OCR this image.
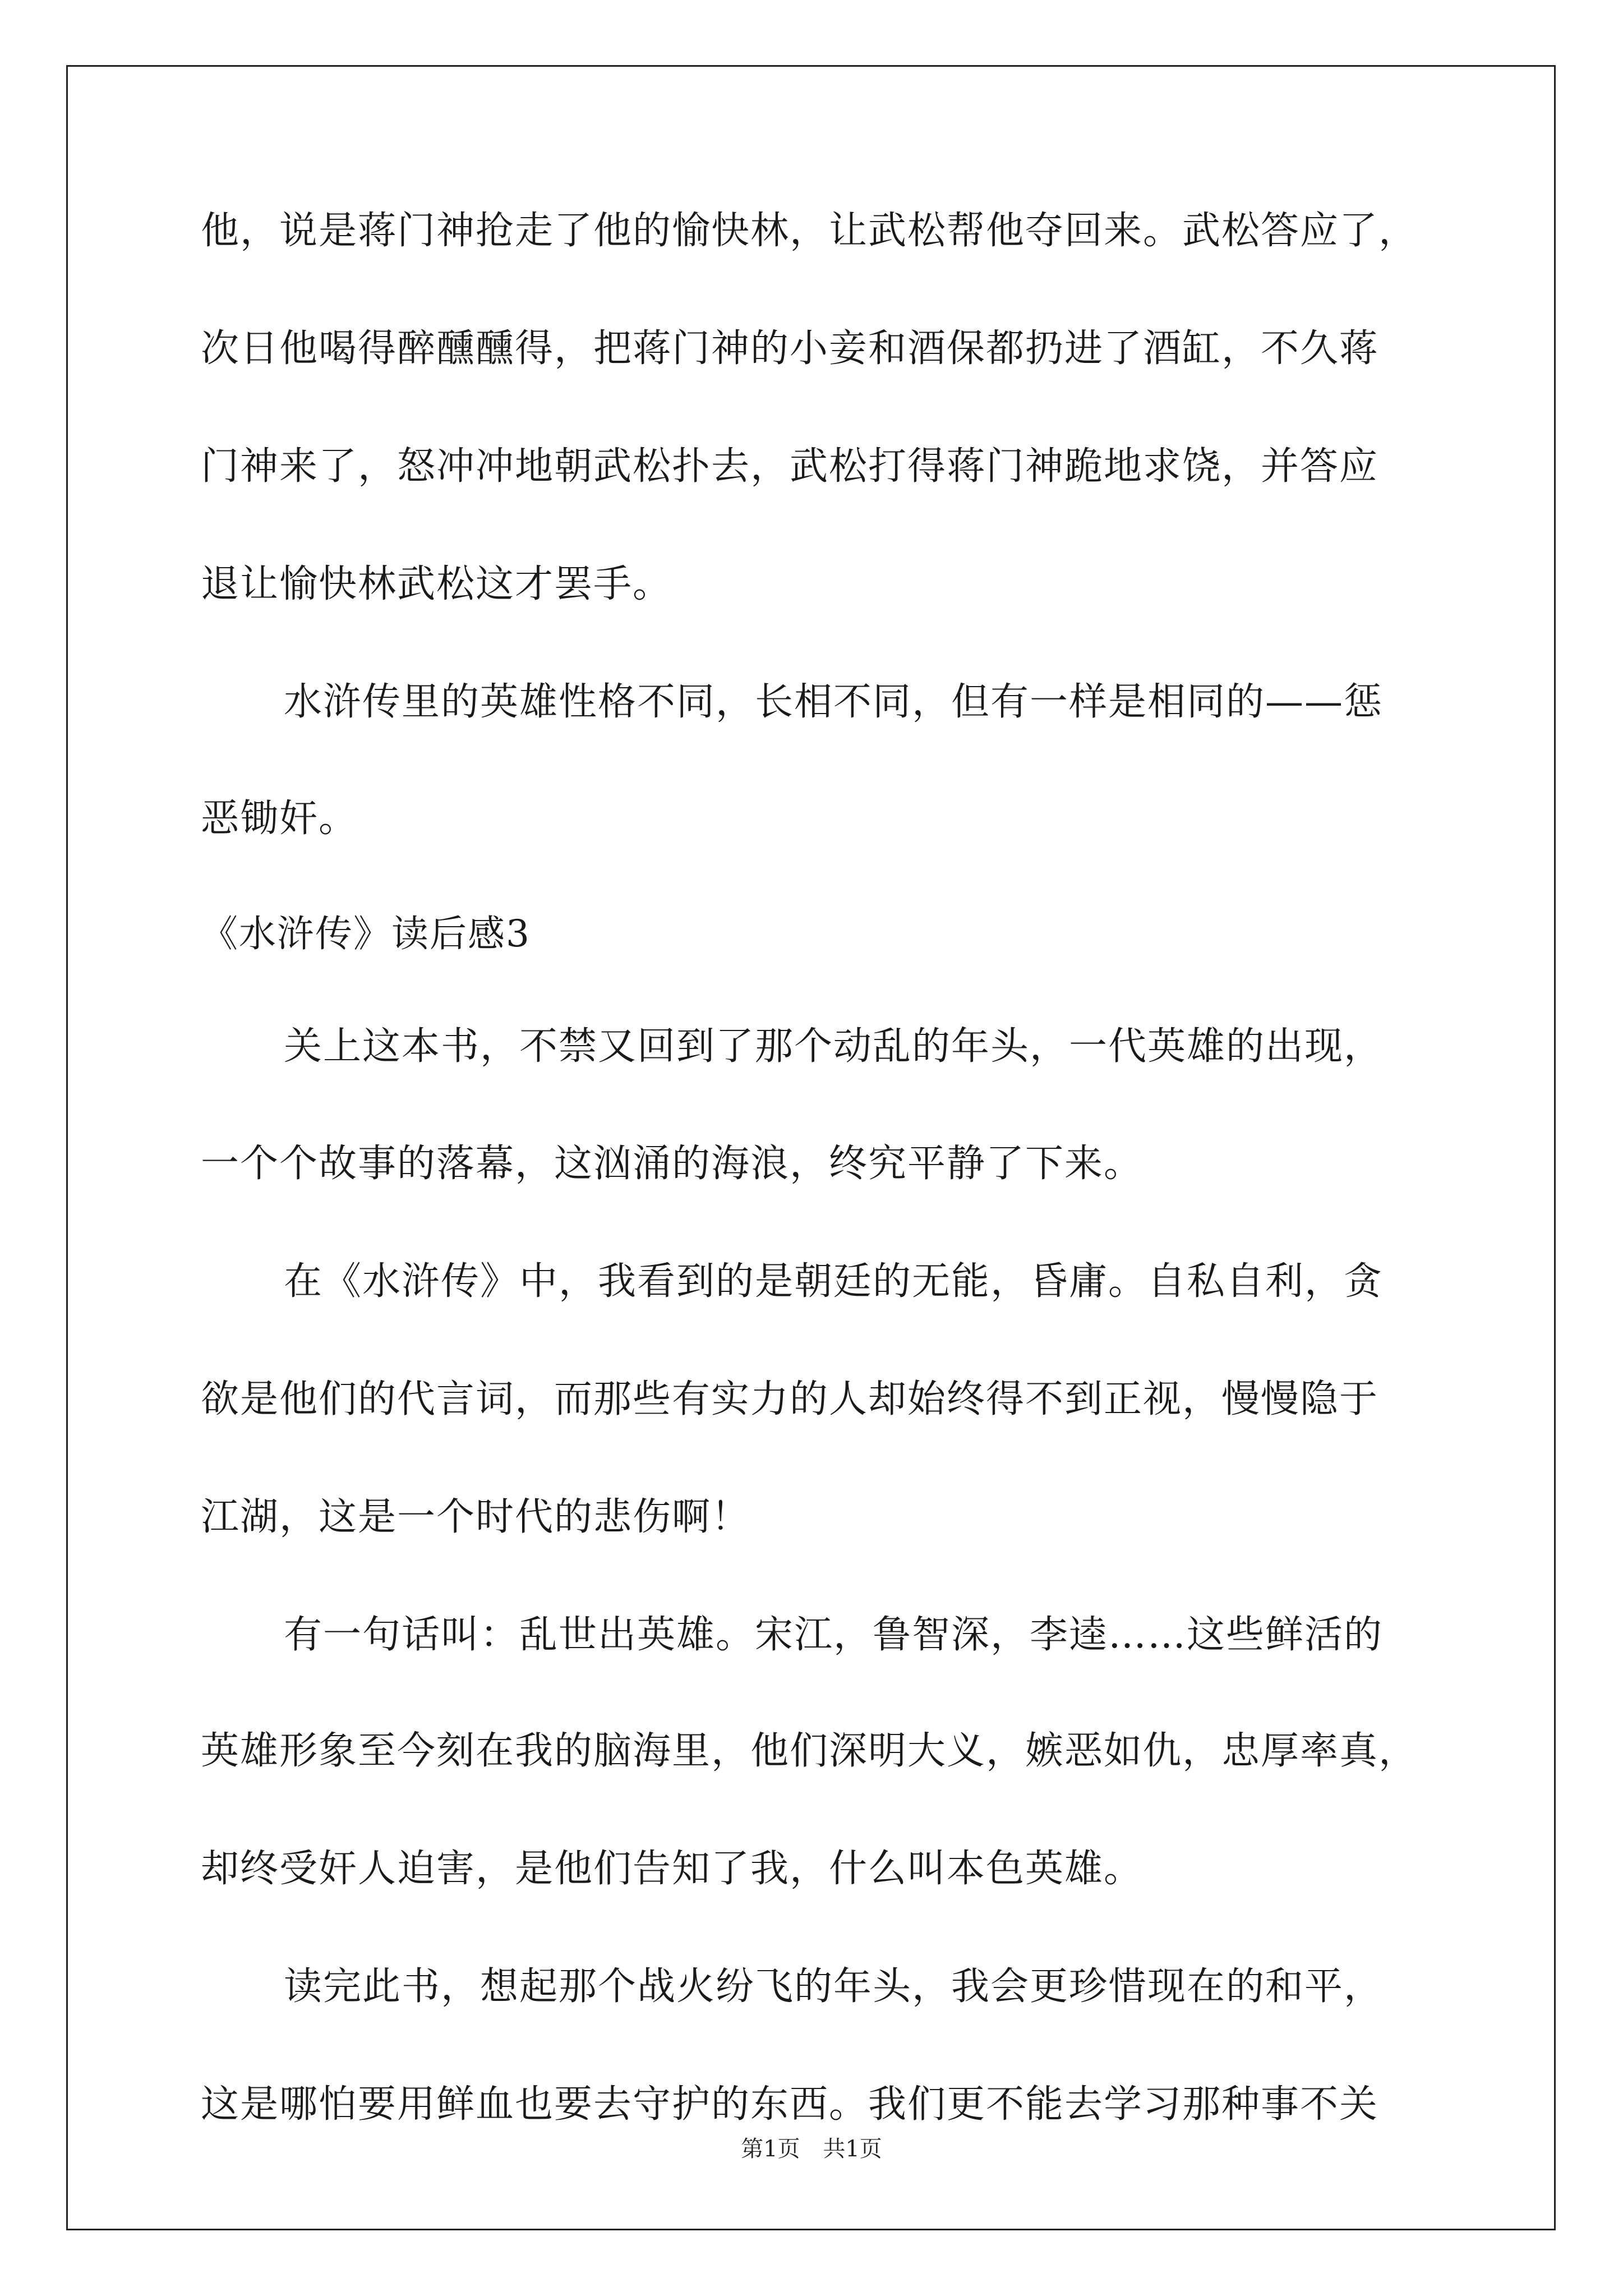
他，说是蒋门神抢走了他的愉快林，让武松帮他夺回来。武松答应了，
次日他喝得醉醺醺得，把蒋门神的小妾和酒保都扔进了酒缸，不久蒋
门神来了，怒冲冲地朝武松扑去，武松打得蒋门神跪地求饶，并答应
退让愉快林武松这才罢手。
水浒传里的英雄性格不同，长相不同，但有一样是相同的——惩
恶锄奸。
《水浒传》读后感3
关上这本书，不禁又回到了那个动乱的年头，一代英雄的出现，
一个个故事的落幕，这汹涌的海浪，终究平静了下来。
在《水浒传》中，我看到的是朝廷的无能，昏庸。自私自利，贪
欲是他们的代言词，而那些有实力的人却始终得不到正视，慢慢隐于
江湖，这是一个时代的悲伤啊！
有一句话叫：乱世出英雄。宋江，鲁智深，李逵……这些鲜活的
英雄形象至今刻在我的脑海里，他们深明大义，嫉恶如仇，忠厚率真，
却终受奸人迫害，是他们告知了我，什么叫本色英雄。
读完此书，想起那个战火纷飞的年头，我会更珍惜现在的和平，
这是哪怕要用鲜血也要去守护的东西。我们更不能去学习那种事不关
第1页 共1页
